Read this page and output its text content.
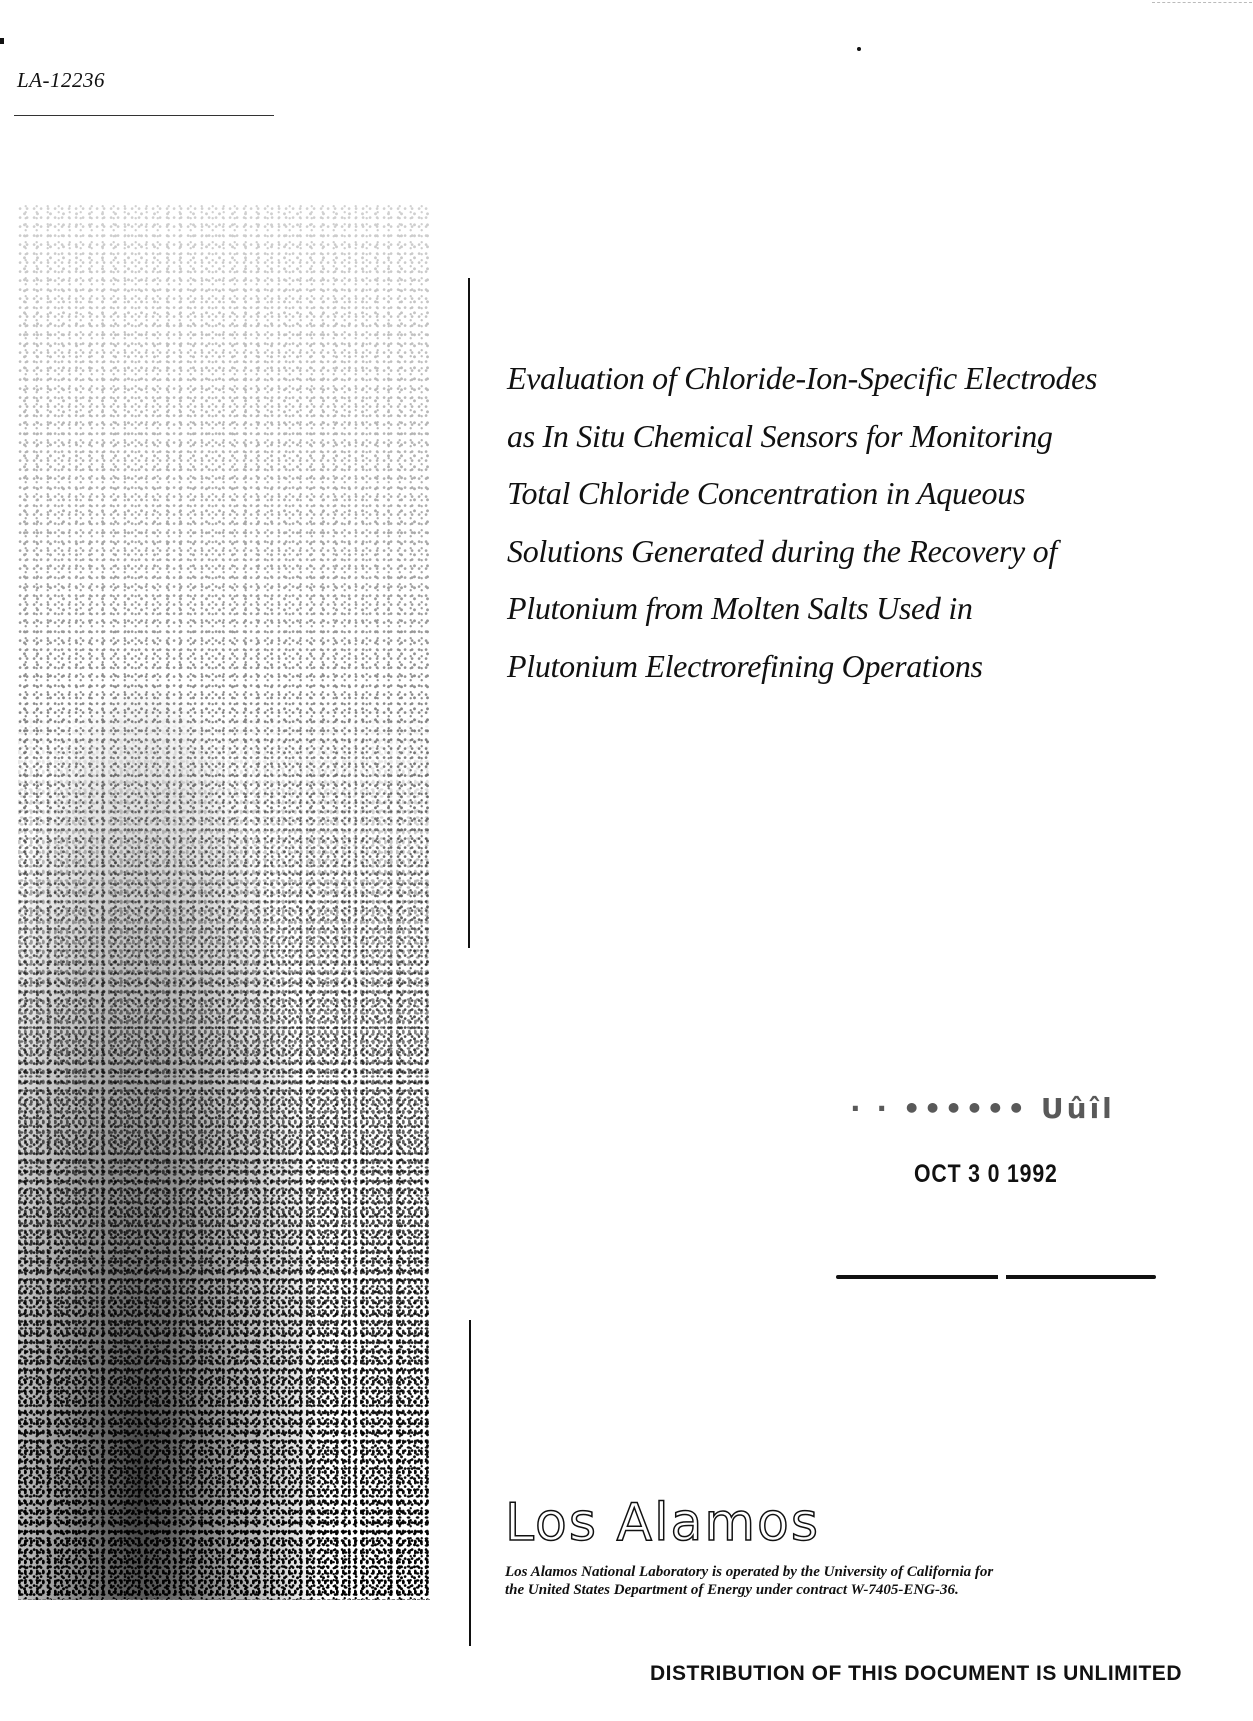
LA-12236
Evaluation of Chloride-Ion-Specific Electrodes
as In Situ Chemical Sensors for Monitoring
Total Chloride Concentration in Aqueous
Solutions Generated during the Recovery of
Plutonium from Molten Salts Used in
Plutonium Electrorefining Operations
· · •••••• Uûîl
OCT 3 0 1992
Los Alamos
Los Alamos National Laboratory is operated by the University of California for
the United States Department of Energy under contract W-7405-ENG-36.
DISTRIBUTION OF THIS DOCUMENT IS UNLIMITED
